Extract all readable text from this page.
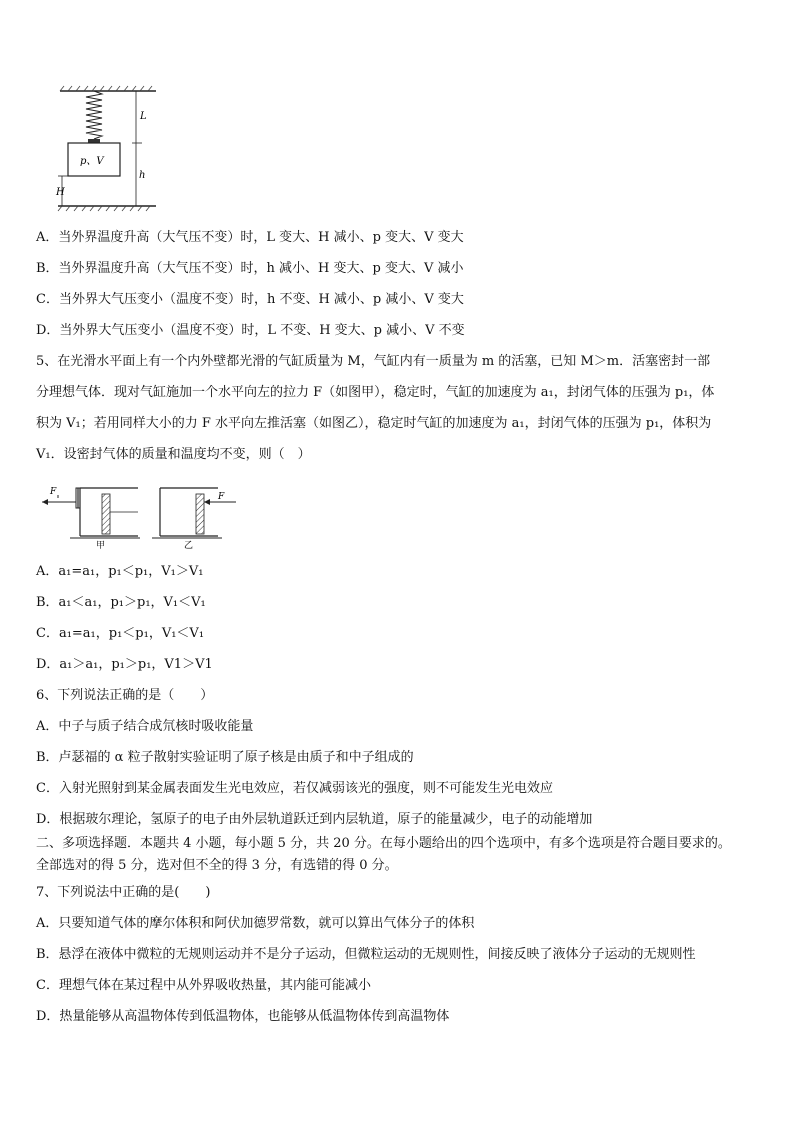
p、V
L
h
H
A．当外界温度升高（大气压不变）时，L 变大、H 减小、p 变大、V 变大
B．当外界温度升高（大气压不变）时，h 减小、H 变大、p 变大、V 减小
C．当外界大气压变小（温度不变）时，h 不变、H 减小、p 减小、V 变大
D．当外界大气压变小（温度不变）时，L 不变、H 变大、p 减小、V 不变
5、在光滑水平面上有一个内外壁都光滑的气缸质量为 M，气缸内有一质量为 m 的活塞，已知 M＞m．活塞密封一部
分理想气体．现对气缸施加一个水平向左的拉力 F（如图甲），稳定时，气缸的加速度为 a₁，封闭气体的压强为 p₁，体
积为 V₁；若用同样大小的力 F 水平向左推活塞（如图乙），稳定时气缸的加速度为 a₁，封闭气体的压强为 p₁，体积为
V₁．设密封气体的质量和温度均不变，则（　）
F
甲
F
乙
A．a₁=a₁，p₁＜p₁，V₁＞V₁
B．a₁＜a₁，p₁＞p₁，V₁＜V₁
C．a₁=a₁，p₁＜p₁，V₁＜V₁
D．a₁＞a₁，p₁＞p₁，V1＞V1
6、下列说法正确的是（　　）
A．中子与质子结合成氘核时吸收能量
B．卢瑟福的 α 粒子散射实验证明了原子核是由质子和中子组成的
C．入射光照射到某金属表面发生光电效应，若仅减弱该光的强度，则不可能发生光电效应
D．根据玻尔理论，氢原子的电子由外层轨道跃迁到内层轨道，原子的能量减少，电子的动能增加
二、多项选择题．本题共 4 小题，每小题 5 分，共 20 分。在每小题给出的四个选项中，有多个选项是符合题目要求的。
全部选对的得 5 分，选对但不全的得 3 分，有选错的得 0 分。
7、下列说法中正确的是(　　)
A．只要知道气体的摩尔体积和阿伏加德罗常数，就可以算出气体分子的体积
B．悬浮在液体中微粒的无规则运动并不是分子运动，但微粒运动的无规则性，间接反映了液体分子运动的无规则性
C．理想气体在某过程中从外界吸收热量，其内能可能减小
D．热量能够从高温物体传到低温物体，也能够从低温物体传到高温物体
